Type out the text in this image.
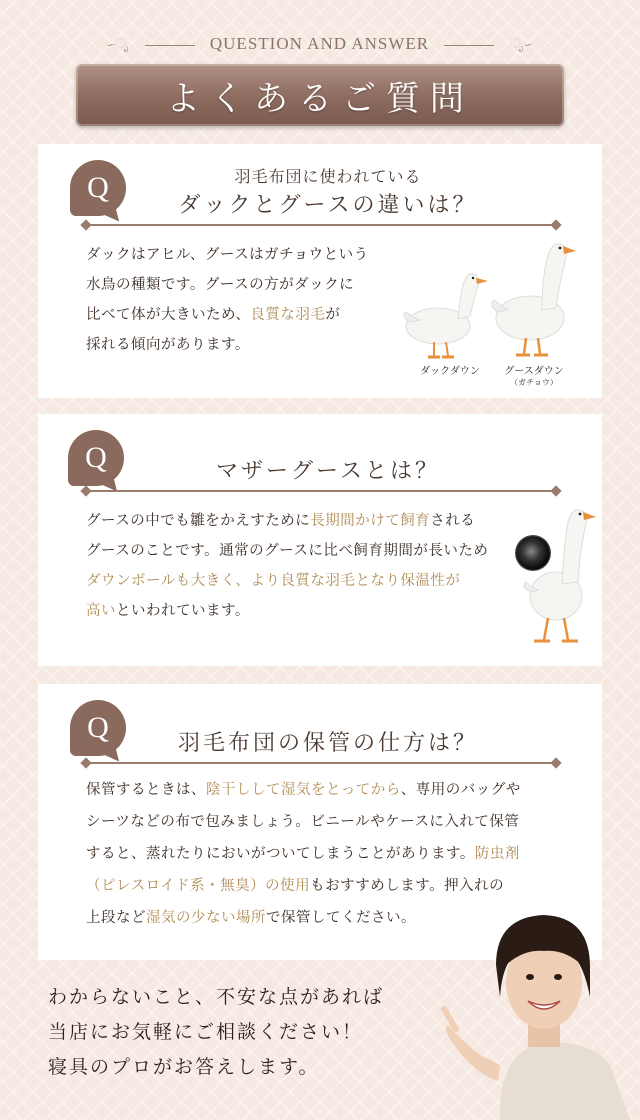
∽ೃ	QUESTION AND ANSWER	ೃ∽
よくあるご質問
Q	羽毛布団に使われている
ダックとグースの違いは？
ダックはアヒル、グースはガチョウという
水鳥の種類です。グースの方がダックに
比べて体が大きいため、良質な羽毛が
採れる傾向があります。
ダックダウン	グースダウン
（ガチョウ）
Q	マザーグースとは？
グースの中でも雛をかえすために長期間かけて飼育される
グースのことです。通常のグースに比べ飼育期間が長いため
ダウンボールも大きく、より良質な羽毛となり保温性が
高いといわれています。
Q	羽毛布団の保管の仕方は？
保管するときは、陰干しして湿気をとってから、専用のバッグや
シーツなどの布で包みましょう。ビニールやケースに入れて保管
すると、蒸れたりにおいがついてしまうことがあります。防虫剤
（ピレスロイド系・無臭）の使用もおすすめします。押入れの
上段など湿気の少ない場所で保管してください。
わからないこと、不安な点があれば
当店にお気軽にご相談ください！
寝具のプロがお答えします。
